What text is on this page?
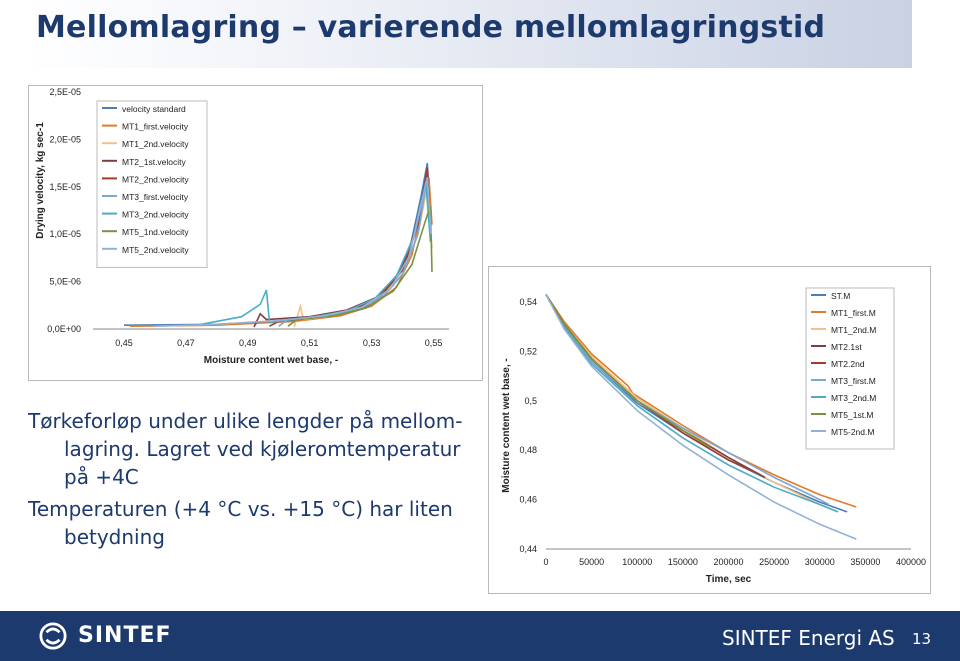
Mellomlagring – varierende mellomlagringstid
0,45	0,47	0,49	0,51	0,53	0,55
0,0E+00
5,0E-06
1,0E-05
1,5E-05
2,0E-05
2,5E-05
Moisture content wet base, -
Drying velocity, kg sec-1
velocity standard
MT1_first.velocity
MT1_2nd.velocity
MT2_1st.velocity
MT2_2nd.velocity
MT3_first.velocity
MT3_2nd.velocity
MT5_1nd.velocity
MT5_2nd.velocity
0	50000 100000 150000 200000 250000 300000 350000 400000
0,44
0,46
0,48
0,5
0,52
0,54
Time, sec
Moisture content wet base, -
ST.M
MT1_first.M
MT1_2nd.M
MT2.1st
MT2.2nd
MT3_first.M
MT3_2nd.M
MT5_1st.M
MT5-2nd.M
Tørkeforløp under ulike lengder på mellom-lagring. Lagret ved kjøleromtemperatur på +4C
Temperaturen (+4 °C vs. +15 °C) har liten betydning
SINTEF	SINTEF Energi AS 13
